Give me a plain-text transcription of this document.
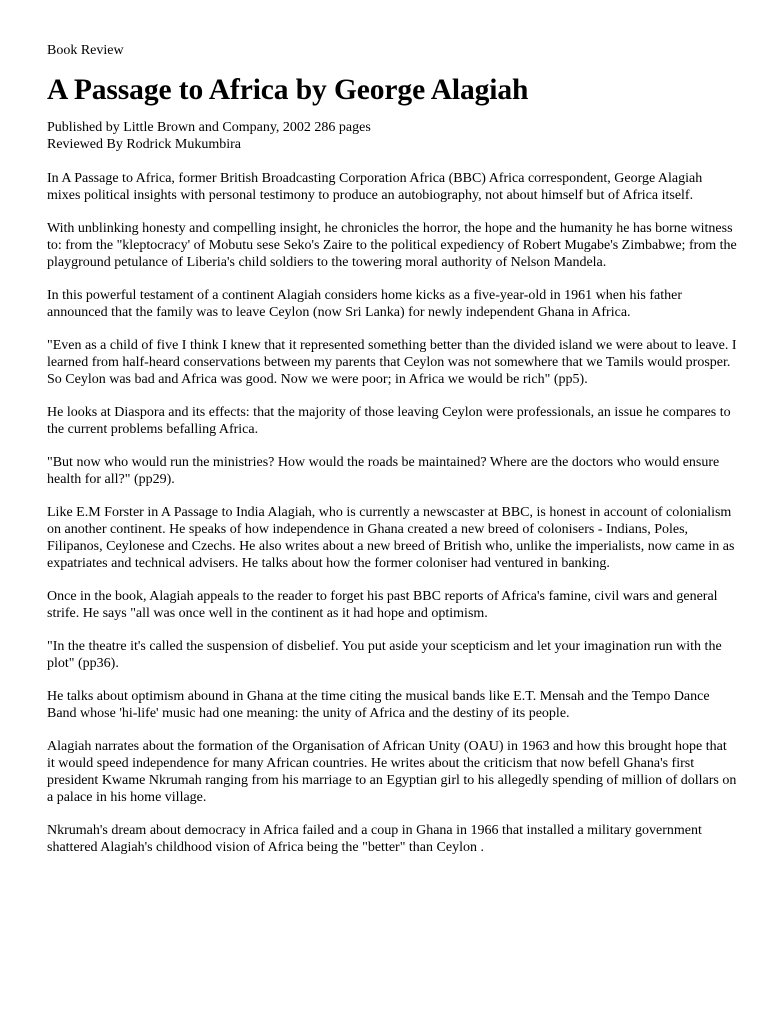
Book Review

A Passage to Africa by George Alagiah
Published by Little Brown and Company, 2002 286 pages
Reviewed By Rodrick Mukumbira

In A Passage to Africa, former British Broadcasting Corporation Africa (BBC) Africa correspondent, George Alagiah mixes political insights with personal testimony to produce an autobiography, not about himself but of Africa itself.

With unblinking honesty and compelling insight, he chronicles the horror, the hope and the humanity he has borne witness to: from the "kleptocracy' of Mobutu sese Seko's Zaire to the political expediency of Robert Mugabe's Zimbabwe; from the playground petulance of Liberia's child soldiers to the towering moral authority of Nelson Mandela.

In this powerful testament of a continent Alagiah considers home kicks as a five-year-old in 1961 when his father announced that the family was to leave Ceylon (now Sri Lanka) for newly independent Ghana in Africa.

"Even as a child of five I think I knew that it represented something better than the divided island we were about to leave. I learned from half-heard conservations between my parents that Ceylon was not somewhere that we Tamils would prosper. So Ceylon was bad and Africa was good. Now we were poor; in Africa we would be rich" (pp5).

He looks at Diaspora and its effects: that the majority of those leaving Ceylon were professionals, an issue he compares to the current problems befalling Africa.

"But now who would run the ministries? How would the roads be maintained? Where are the doctors who would ensure health for all?" (pp29).

Like E.M Forster in A Passage to India Alagiah, who is currently a newscaster at BBC, is honest in account of colonialism on another continent. He speaks of how independence in Ghana created a new breed of colonisers - Indians, Poles, Filipanos, Ceylonese and Czechs. He also writes about a new breed of British who, unlike the imperialists, now came in as expatriates and technical advisers. He talks about how the former coloniser had ventured in banking.

Once in the book, Alagiah appeals to the reader to forget his past BBC reports of Africa's famine, civil wars and general strife. He says "all was once well in the continent as it had hope and optimism.

"In the theatre it's called the suspension of disbelief. You put aside your scepticism and let your imagination run with the plot" (pp36).

He talks about optimism abound in Ghana at the time citing the musical bands like E.T. Mensah and the Tempo Dance Band whose 'hi-life' music had one meaning: the unity of Africa and the destiny of its people.

Alagiah narrates about the formation of the Organisation of African Unity (OAU) in 1963 and how this brought hope that it would speed independence for many African countries. He writes about the criticism that now befell Ghana's first president Kwame Nkrumah ranging from his marriage to an Egyptian girl to his allegedly spending of million of dollars on a palace in his home village.

Nkrumah's dream about democracy in Africa failed and a coup in Ghana in 1966 that installed a military government shattered Alagiah's childhood vision of Africa being the "better" than Ceylon .
